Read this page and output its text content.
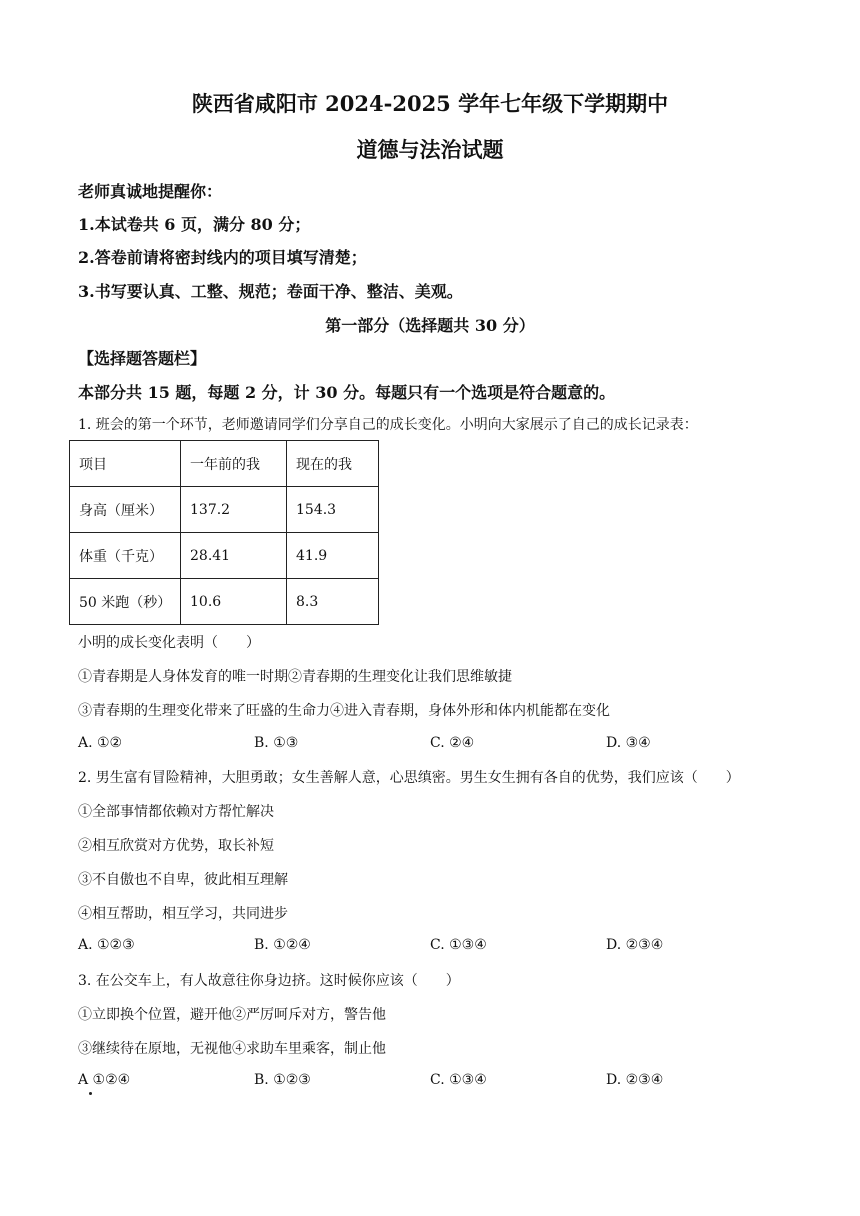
陕西省咸阳市 2024-2025 学年七年级下学期期中
道德与法治试题
老师真诚地提醒你：
1.本试卷共 6 页，满分 80 分；
2.答卷前请将密封线内的项目填写清楚；
3.书写要认真、工整、规范；卷面干净、整洁、美观。
第一部分（选择题共 30 分）
【选择题答题栏】
本部分共 15 题，每题 2 分，计 30 分。每题只有一个选项是符合题意的。
1. 班会的第一个环节，老师邀请同学们分享自己的成长变化。小明向大家展示了自己的成长记录表：
项目	一年前的我	现在的我
身高（厘米）	137.2	154.3
体重（千克）	28.41	41.9
50 米跑（秒）	10.6	8.3
小明的成长变化表明（　　）
①青春期是人身体发育的唯一时期②青春期的生理变化让我们思维敏捷
③青春期的生理变化带来了旺盛的生命力④进入青春期，身体外形和体内机能都在变化
A. ①②	B. ①③	C. ②④	D. ③④
2. 男生富有冒险精神，大胆勇敢；女生善解人意，心思缜密。男生女生拥有各自的优势，我们应该（　　）
①全部事情都依赖对方帮忙解决
②相互欣赏对方优势，取长补短
③不自傲也不自卑，彼此相互理解
④相互帮助，相互学习，共同进步
A. ①②③	B. ①②④	C. ①③④	D. ②③④
3. 在公交车上，有人故意往你身边挤。这时候你应该（　　）
①立即换个位置，避开他②严厉呵斥对方，警告他
③继续待在原地，无视他④求助车里乘客，制止他
A ①②④	B. ①②③	C. ①③④	D. ②③④
